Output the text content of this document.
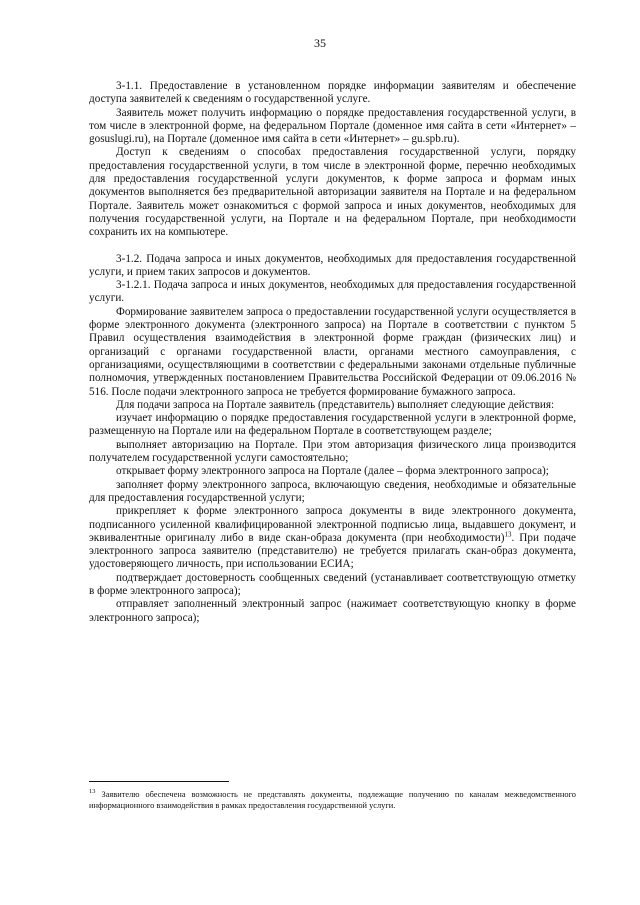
35

3-1.1. Предоставление в установленном порядке информации заявителям и обеспечение доступа заявителей к сведениям о государственной услуге.

Заявитель может получить информацию о порядке предоставления государственной услуги, в том числе в электронной форме, на федеральном Портале (доменное имя сайта в сети «Интернет» – gosuslugi.ru), на Портале (доменное имя сайта в сети «Интернет» – gu.spb.ru).

Доступ к сведениям о способах предоставления государственной услуги, порядку предоставления государственной услуги, в том числе в электронной форме, перечню необходимых для предоставления государственной услуги документов, к форме запроса и формам иных документов выполняется без предварительной авторизации заявителя на Портале и на федеральном Портале. Заявитель может ознакомиться с формой запроса и иных документов, необходимых для получения государственной услуги, на Портале и на федеральном Портале, при необходимости сохранить их на компьютере.

3-1.2. Подача запроса и иных документов, необходимых для предоставления государственной услуги, и прием таких запросов и документов.

3-1.2.1. Подача запроса и иных документов, необходимых для предоставления государственной услуги.

Формирование заявителем запроса о предоставлении государственной услуги осуществляется в форме электронного документа (электронного запроса) на Портале в соответствии с пунктом 5 Правил осуществления взаимодействия в электронной форме граждан (физических лиц) и организаций с органами государственной власти, органами местного самоуправления, с организациями, осуществляющими в соответствии с федеральными законами отдельные публичные полномочия, утвержденных постановлением Правительства Российской Федерации от 09.06.2016 № 516. После подачи электронного запроса не требуется формирование бумажного запроса.

Для подачи запроса на Портале заявитель (представитель) выполняет следующие действия:

изучает информацию о порядке предоставления государственной услуги в электронной форме, размещенную на Портале или на федеральном Портале в соответствующем разделе;

выполняет авторизацию на Портале. При этом авторизация физического лица производится получателем государственной услуги самостоятельно;

открывает форму электронного запроса на Портале (далее – форма электронного запроса);

заполняет форму электронного запроса, включающую сведения, необходимые и обязательные для предоставления государственной услуги;

прикрепляет к форме электронного запроса документы в виде электронного документа, подписанного усиленной квалифицированной электронной подписью лица, выдавшего документ, и эквивалентные оригиналу либо в виде скан-образа документа (при необходимости)$^{13}$. При подаче электронного запроса заявителю (представителю) не требуется прилагать скан-образ документа, удостоверяющего личность, при использовании ЕСИА;

подтверждает достоверность сообщенных сведений (устанавливает соответствующую отметку в форме электронного запроса);

отправляет заполненный электронный запрос (нажимает соответствующую кнопку в форме электронного запроса);

$^{13}$ Заявителю обеспечена возможность не представлять документы, подлежащие получению по каналам межведомственного информационного взаимодействия в рамках предоставления государственной услуги.
